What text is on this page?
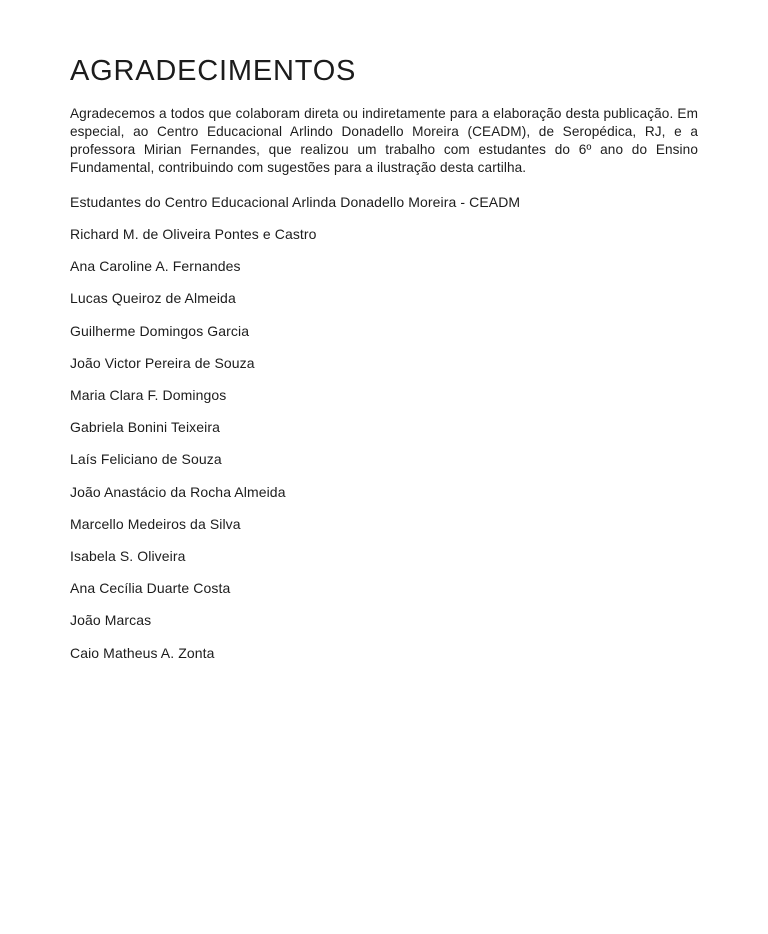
AGRADECIMENTOS

Agradecemos a todos que colaboram direta ou indiretamente para a elaboração desta publicação. Em especial, ao Centro Educacional Arlindo Donadello Moreira (CEADM), de Seropédica, RJ, e a professora Mirian Fernandes, que realizou um trabalho com estudantes do 6º ano do Ensino Fundamental, contribuindo com sugestões para a ilustração desta cartilha.

Estudantes do Centro Educacional Arlinda Donadello Moreira - CEADM

Richard M. de Oliveira Pontes e Castro

Ana Caroline A. Fernandes

Lucas Queiroz de Almeida

Guilherme Domingos Garcia

João Victor Pereira de Souza

Maria Clara F. Domingos

Gabriela Bonini Teixeira

Laís Feliciano de Souza

João Anastácio da Rocha Almeida

Marcello Medeiros da Silva

Isabela S. Oliveira

Ana Cecília Duarte Costa

João Marcas

Caio Matheus A. Zonta
